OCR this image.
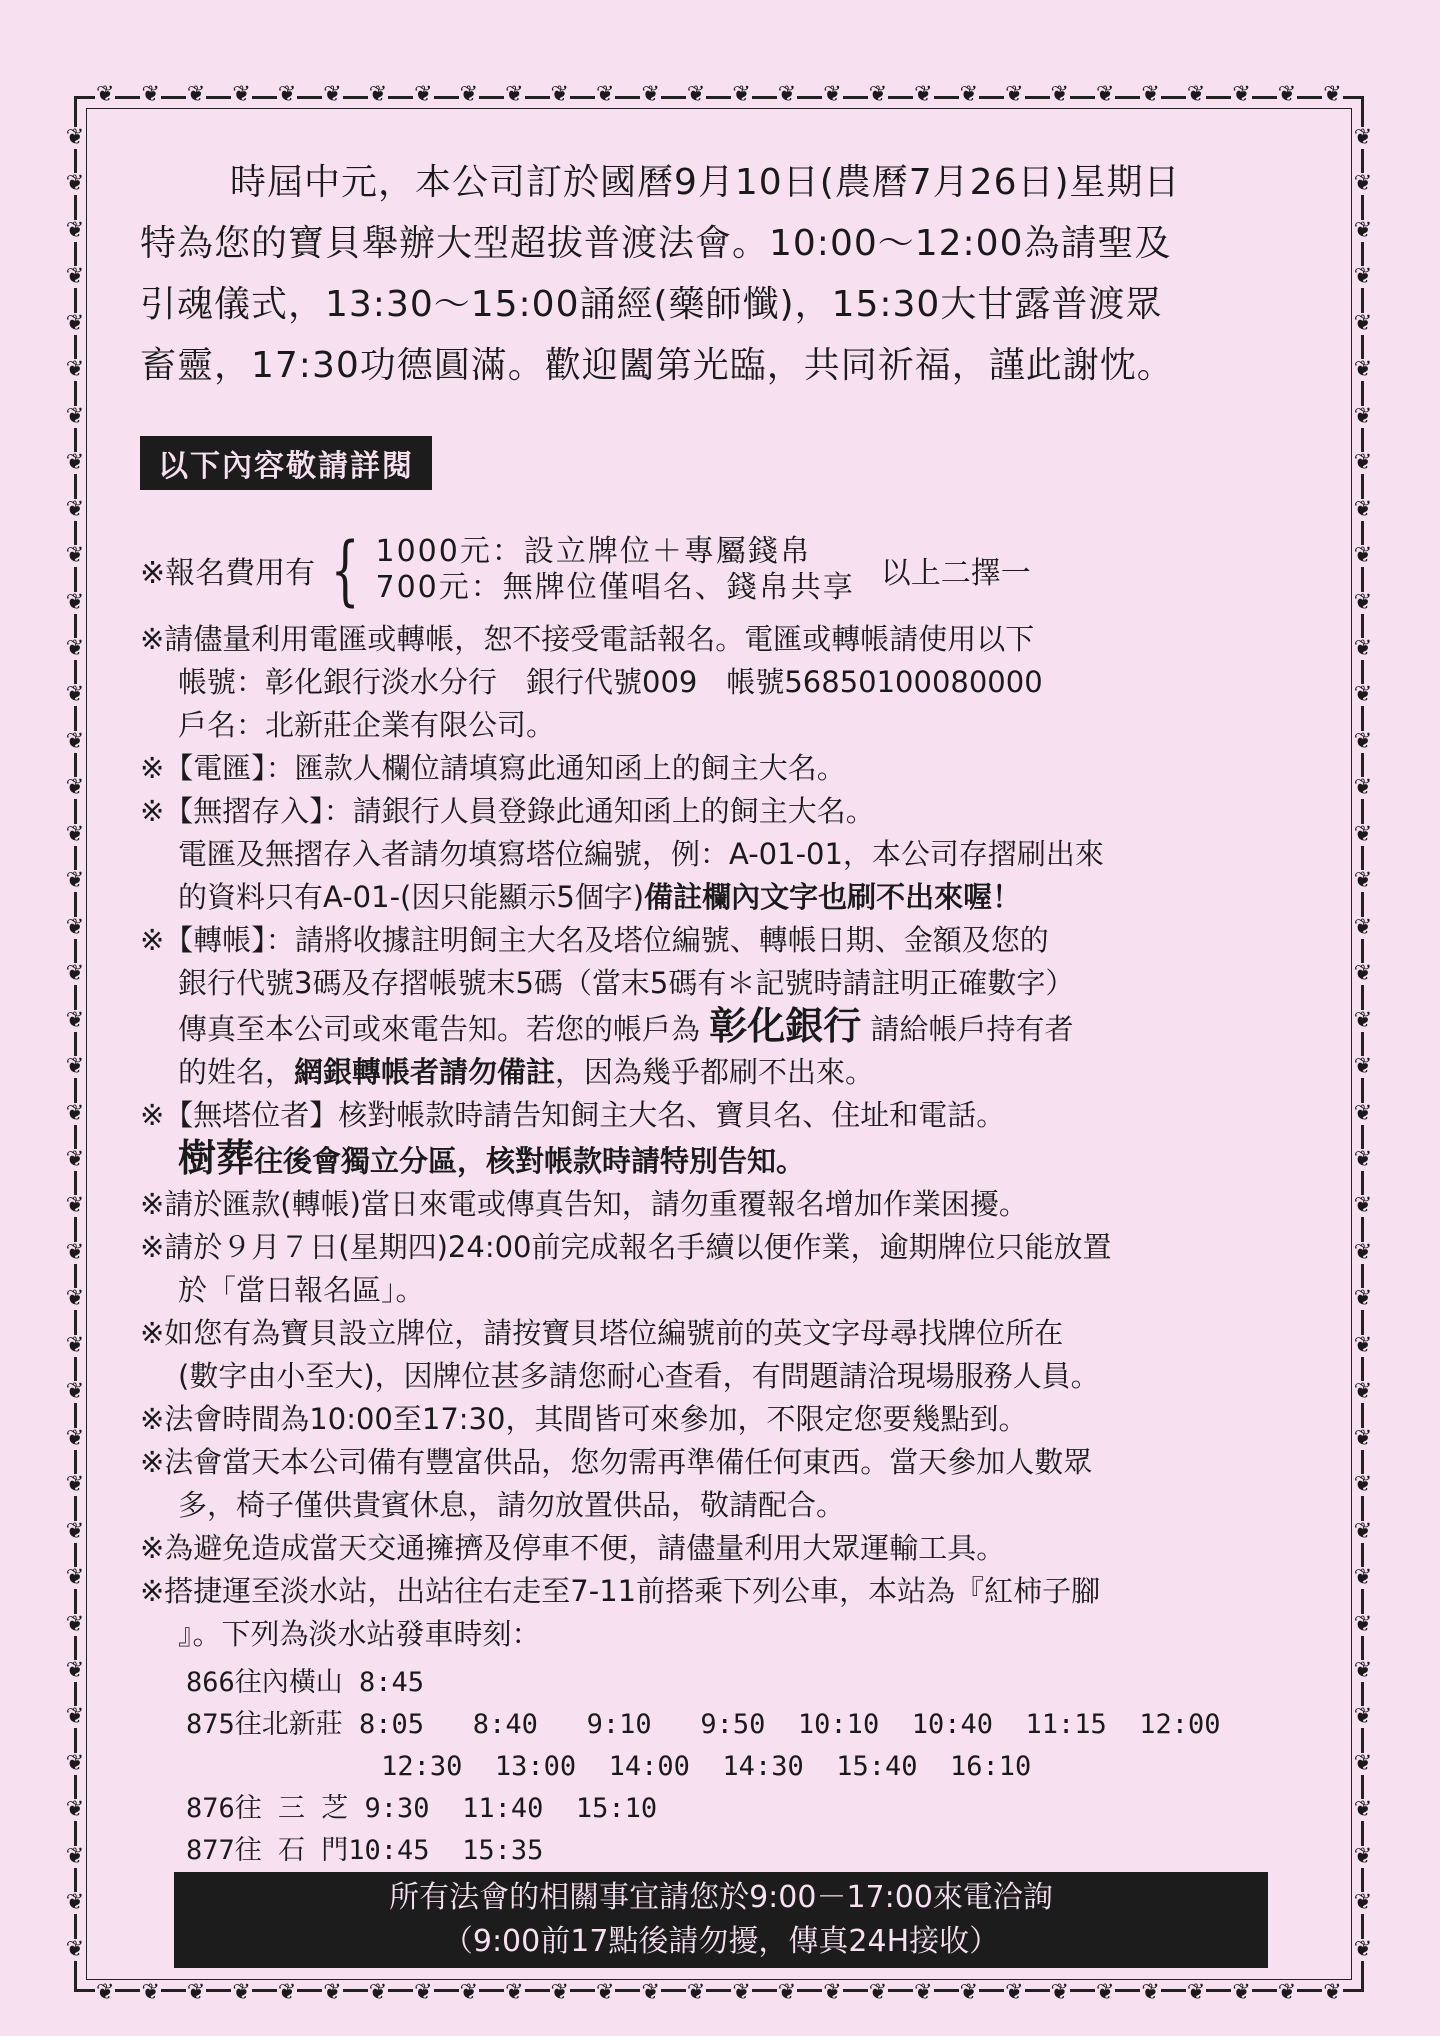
❦ ❦ ❦ ❦ ❦ ❦ ❦ ❦ ❦ ❦ ❦ ❦ ❦ ❦ ❦ ❦ ❦ ❦ ❦ ❦ ❦ ❦ ❦ ❦ ❦ ❦ ❦ ❦
❦ ❦ ❦ ❦ ❦ ❦ ❦ ❦ ❦ ❦ ❦ ❦ ❦ ❦ ❦ ❦ ❦ ❦ ❦ ❦ ❦ ❦ ❦ ❦ ❦ ❦ ❦ ❦
❦
❦
❦
❦
❦
❦
❦
❦
❦
❦
❦
❦
❦
❦
❦
❦
❦
❦
❦
❦
❦
❦
❦
❦
❦
❦
❦
❦
❦
❦
❦
❦
❦
❦
❦
❦
❦
❦
❦
❦
❦
❦
❦
❦
❦
❦
❦
❦
❦
❦
❦
❦
❦
❦
❦
❦
❦
❦
❦
❦
❦
❦
❦
❦
❦
❦
❦
❦
❦
❦
❦
❦
❦
❦
❦
❦
❦
❦
❦
❦

時屆中元，本公司訂於國曆9月10日(農曆7月26日)星期日
特為您的寶貝舉辦大型超拔普渡法會。10:00～12:00為請聖及
引魂儀式，13:30～15:00誦經(藥師懺)，15:30大甘露普渡眾
畜靈，17:30功德圓滿。歡迎闔第光臨，共同祈福，謹此謝忱。

以下內容敬請詳閱
※報名費用有 { 1000元：設立牌位＋專屬錢帛
700元：無牌位僅唱名、錢帛共享 以上二擇一
※請儘量利用電匯或轉帳，恕不接受電話報名。電匯或轉帳請使用以下
帳號：彰化銀行淡水分行　銀行代號009　帳號56850100080000
戶名：北新莊企業有限公司。
※【電匯】：匯款人欄位請填寫此通知函上的飼主大名。
※【無摺存入】：請銀行人員登錄此通知函上的飼主大名。
電匯及無摺存入者請勿填寫塔位編號，例：A-01-01，本公司存摺刷出來
的資料只有A-01-(因只能顯示5個字)備註欄內文字也刷不出來喔！
※【轉帳】：請將收據註明飼主大名及塔位編號、轉帳日期、金額及您的
銀行代號3碼及存摺帳號末5碼（當末5碼有＊記號時請註明正確數字）
傳真至本公司或來電告知。若您的帳戶為 彰化銀行 請給帳戶持有者
的姓名，網銀轉帳者請勿備註，因為幾乎都刷不出來。
※【無塔位者】核對帳款時請告知飼主大名、寶貝名、住址和電話。
樹葬往後會獨立分區，核對帳款時請特別告知。
※請於匯款(轉帳)當日來電或傳真告知，請勿重覆報名增加作業困擾。
※請於９月７日(星期四)24:00前完成報名手續以便作業，逾期牌位只能放置
於「當日報名區」。
※如您有為寶貝設立牌位，請按寶貝塔位編號前的英文字母尋找牌位所在
(數字由小至大)，因牌位甚多請您耐心查看，有問題請洽現場服務人員。
※法會時間為10:00至17:30，其間皆可來參加，不限定您要幾點到。
※法會當天本公司備有豐富供品，您勿需再準備任何東西。當天參加人數眾
多，椅子僅供貴賓休息，請勿放置供品，敬請配合。
※為避免造成當天交通擁擠及停車不便，請儘量利用大眾運輸工具。
※搭捷運至淡水站，出站往右走至7-11前搭乘下列公車，本站為『紅柿子腳
』。下列為淡水站發車時刻：
866往內橫山 8:45
875往北新莊 8:05   8:40   9:10   9:50  10:10  10:40  11:15  12:00
12:30  13:00  14:00  14:30  15:40  16:10
876往 三 芝 9:30  11:40  15:10
877往 石 門10:45  15:35
所有法會的相關事宜請您於9:00－17:00來電洽詢
（9:00前17點後請勿擾，傳真24H接收）
